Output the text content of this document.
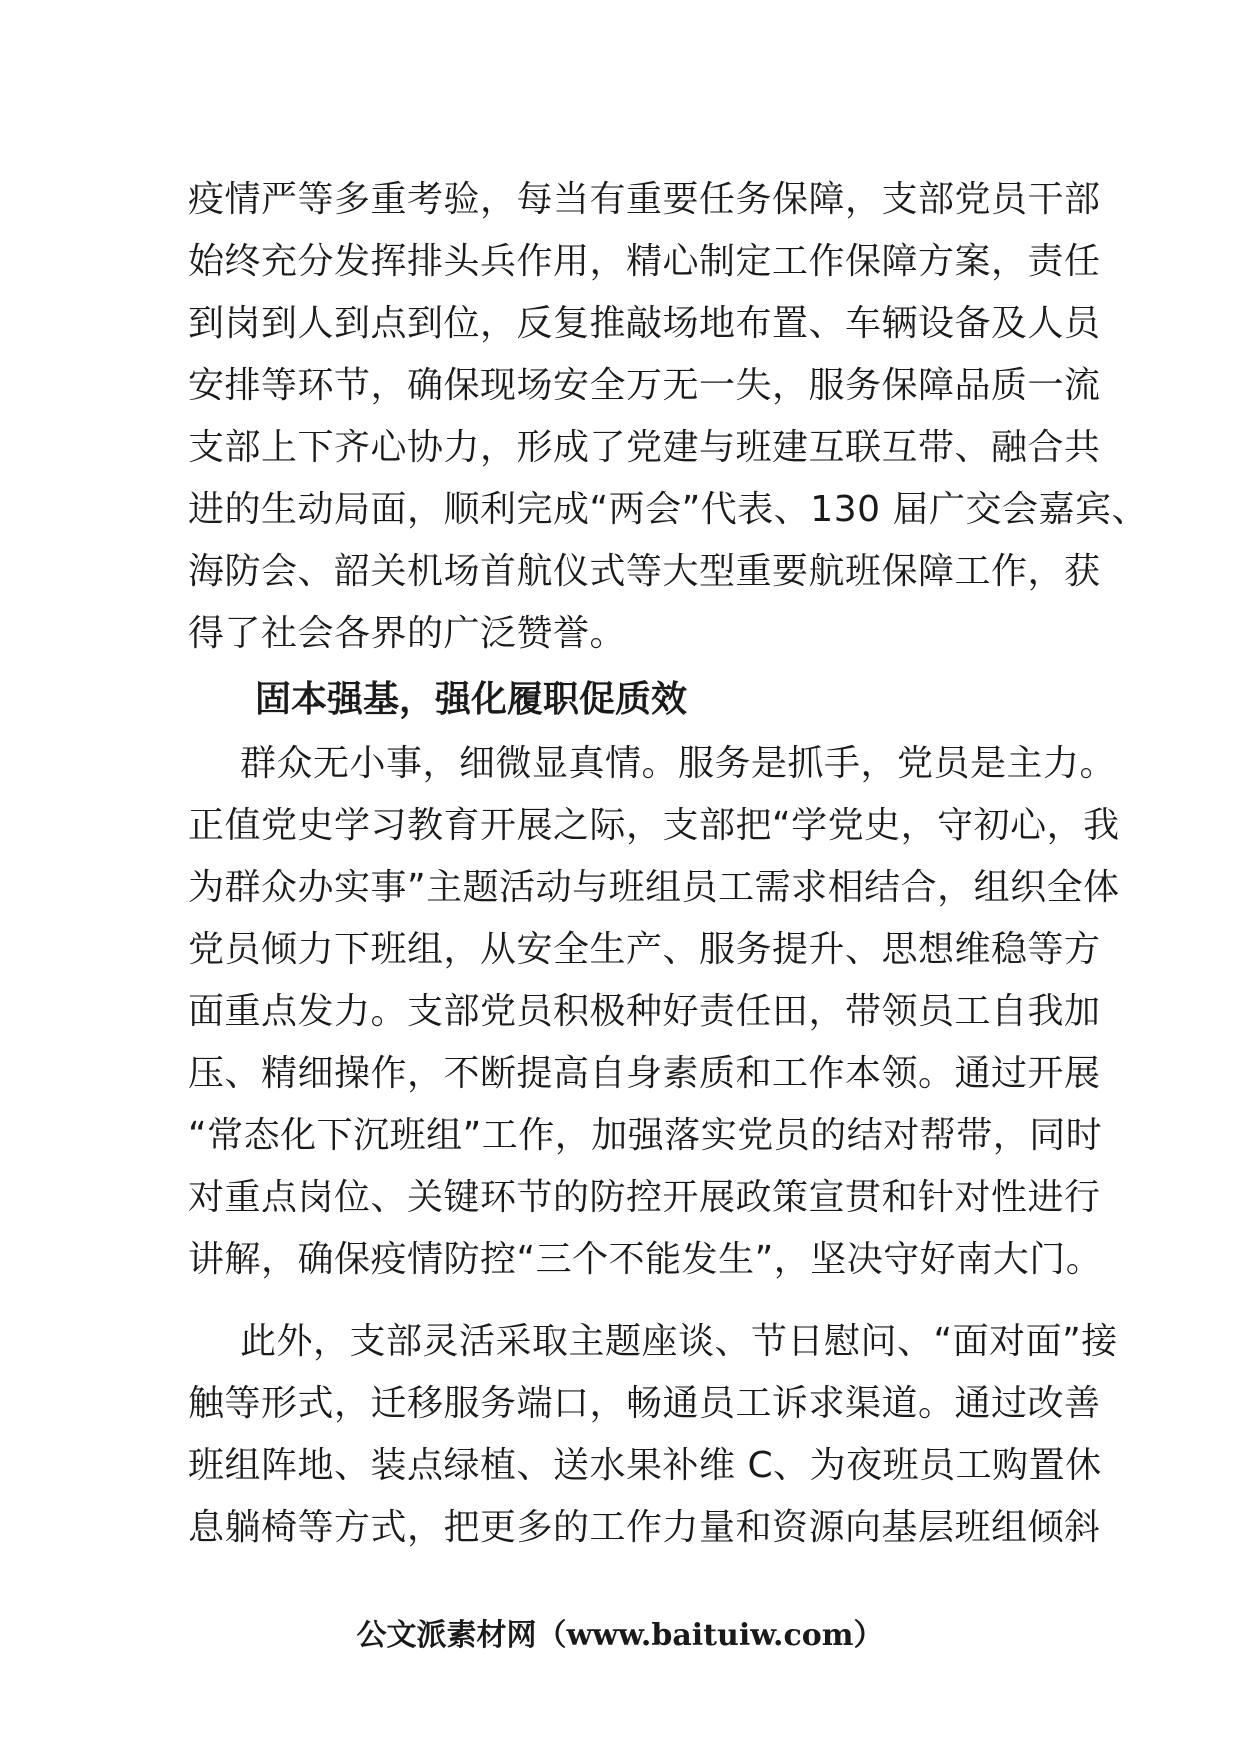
疫情严等多重考验，每当有重要任务保障，支部党员干部
始终充分发挥排头兵作用，精心制定工作保障方案，责任
到岗到人到点到位，反复推敲场地布置、车辆设备及人员
安排等环节，确保现场安全万无一失，服务保障品质一流
支部上下齐心协力，形成了党建与班建互联互带、融合共
进的生动局面，顺利完成“两会”代表、130 届广交会嘉宾、
海防会、韶关机场首航仪式等大型重要航班保障工作，获
得了社会各界的广泛赞誉。
固本强基，强化履职促质效
群众无小事，细微显真情。服务是抓手，党员是主力。
正值党史学习教育开展之际，支部把“学党史，守初心，我
为群众办实事”主题活动与班组员工需求相结合，组织全体
党员倾力下班组，从安全生产、服务提升、思想维稳等方
面重点发力。支部党员积极种好责任田，带领员工自我加
压、精细操作，不断提高自身素质和工作本领。通过开展
“常态化下沉班组”工作，加强落实党员的结对帮带，同时
对重点岗位、关键环节的防控开展政策宣贯和针对性进行
讲解，确保疫情防控“三个不能发生”，坚决守好南大门。
此外，支部灵活采取主题座谈、节日慰问、“面对面”接
触等形式，迁移服务端口，畅通员工诉求渠道。通过改善
班组阵地、装点绿植、送水果补维 C、为夜班员工购置休
息躺椅等方式，把更多的工作力量和资源向基层班组倾斜
公文派素材网（www.baituiw.com）
